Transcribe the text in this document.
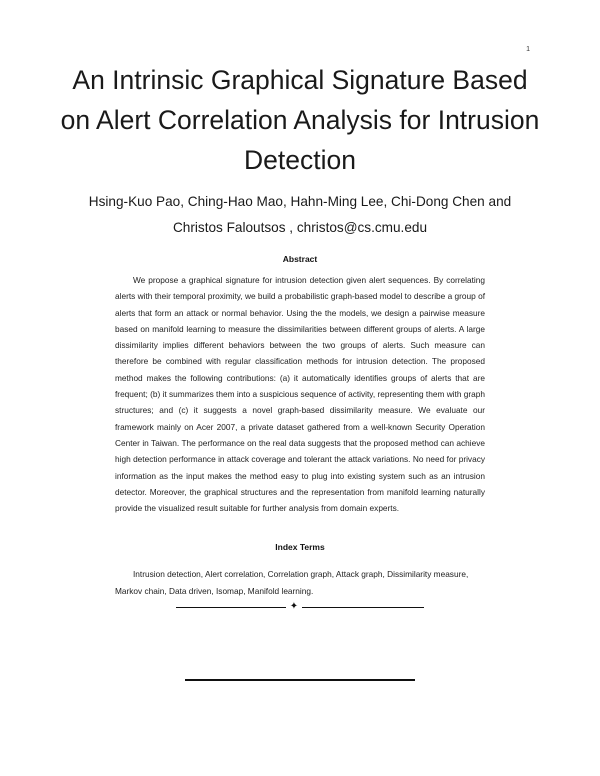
1
An Intrinsic Graphical Signature Based on Alert Correlation Analysis for Intrusion Detection
Hsing-Kuo Pao, Ching-Hao Mao, Hahn-Ming Lee, Chi-Dong Chen and
Christos Faloutsos , christos@cs.cmu.edu
Abstract
We propose a graphical signature for intrusion detection given alert sequences. By correlating alerts with their temporal proximity, we build a probabilistic graph-based model to describe a group of alerts that form an attack or normal behavior. Using the the models, we design a pairwise measure based on manifold learning to measure the dissimilarities between different groups of alerts. A large dissimilarity implies different behaviors between the two groups of alerts. Such measure can therefore be combined with regular classification methods for intrusion detection. The proposed method makes the following contributions: (a) it automatically identifies groups of alerts that are frequent; (b) it summarizes them into a suspicious sequence of activity, representing them with graph structures; and (c) it suggests a novel graph-based dissimilarity measure. We evaluate our framework mainly on Acer 2007, a private dataset gathered from a well-known Security Operation Center in Taiwan. The performance on the real data suggests that the proposed method can achieve high detection performance in attack coverage and tolerant the attack variations. No need for privacy information as the input makes the method easy to plug into existing system such as an intrusion detector. Moreover, the graphical structures and the representation from manifold learning naturally provide the visualized result suitable for further analysis from domain experts.
Index Terms
Intrusion detection, Alert correlation, Correlation graph, Attack graph, Dissimilarity measure, Markov chain, Data driven, Isomap, Manifold learning.
✦
